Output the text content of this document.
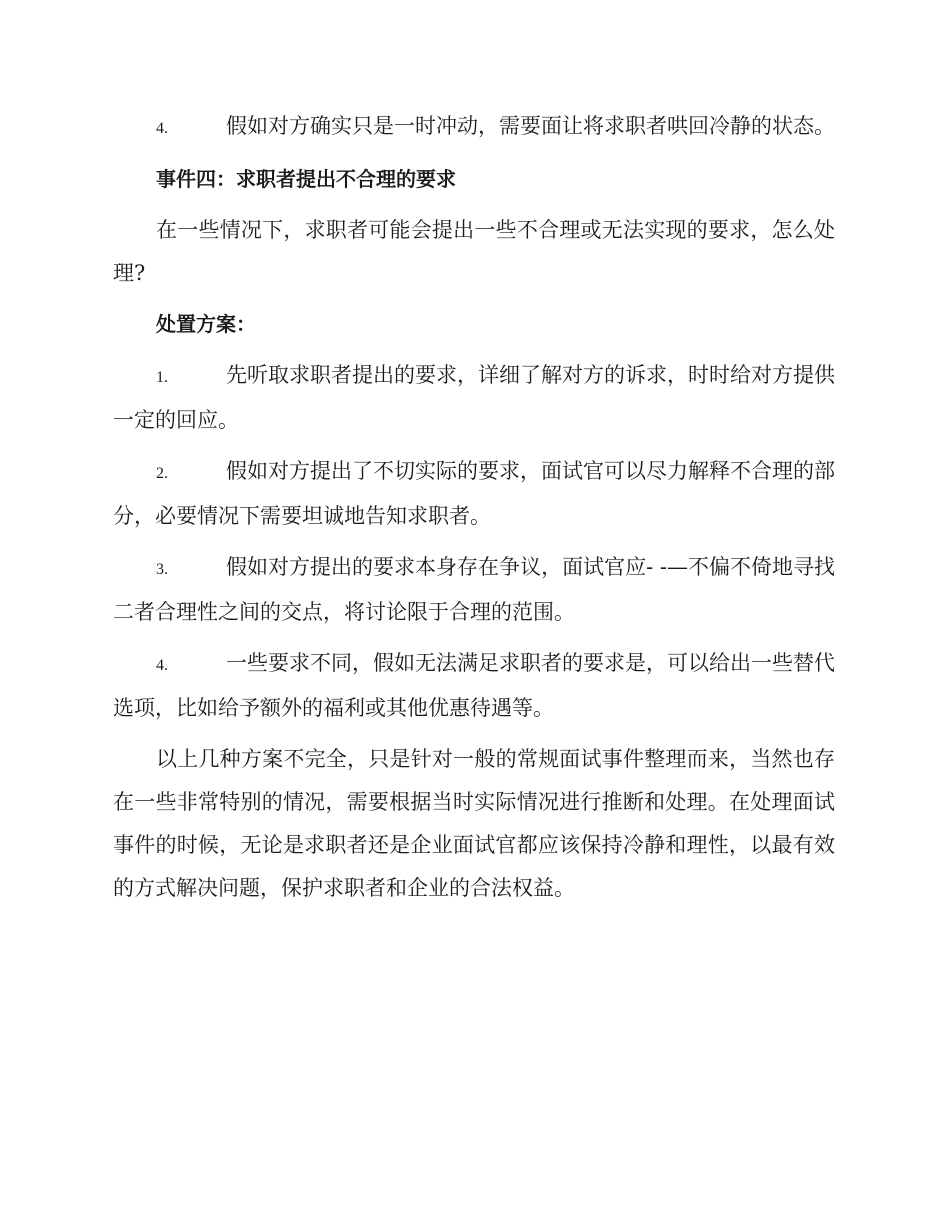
4.	假如对方确实只是一时冲动，需要面让将求职者哄回冷静的状态。

事件四：求职者提出不合理的要求

在一些情况下，求职者可能会提出一些不合理或无法实现的要求，怎么处理?

处置方案：

1.	先听取求职者提出的要求，详细了解对方的诉求，时时给对方提供一定的回应。

2.	假如对方提出了不切实际的要求，面试官可以尽力解释不合理的部分，必要情况下需要坦诚地告知求职者。

3.	假如对方提出的要求本身存在争议，面试官应- -—不偏不倚地寻找二者合理性之间的交点，将讨论限于合理的范围。

4.	一些要求不同，假如无法满足求职者的要求是，可以给出一些替代选项，比如给予额外的福利或其他优惠待遇等。

以上几种方案不完全，只是针对一般的常规面试事件整理而来，当然也存在一些非常特别的情况，需要根据当时实际情况进行推断和处理。在处理面试事件的时候，无论是求职者还是企业面试官都应该保持冷静和理性，以最有效的方式解决问题，保护求职者和企业的合法权益。
